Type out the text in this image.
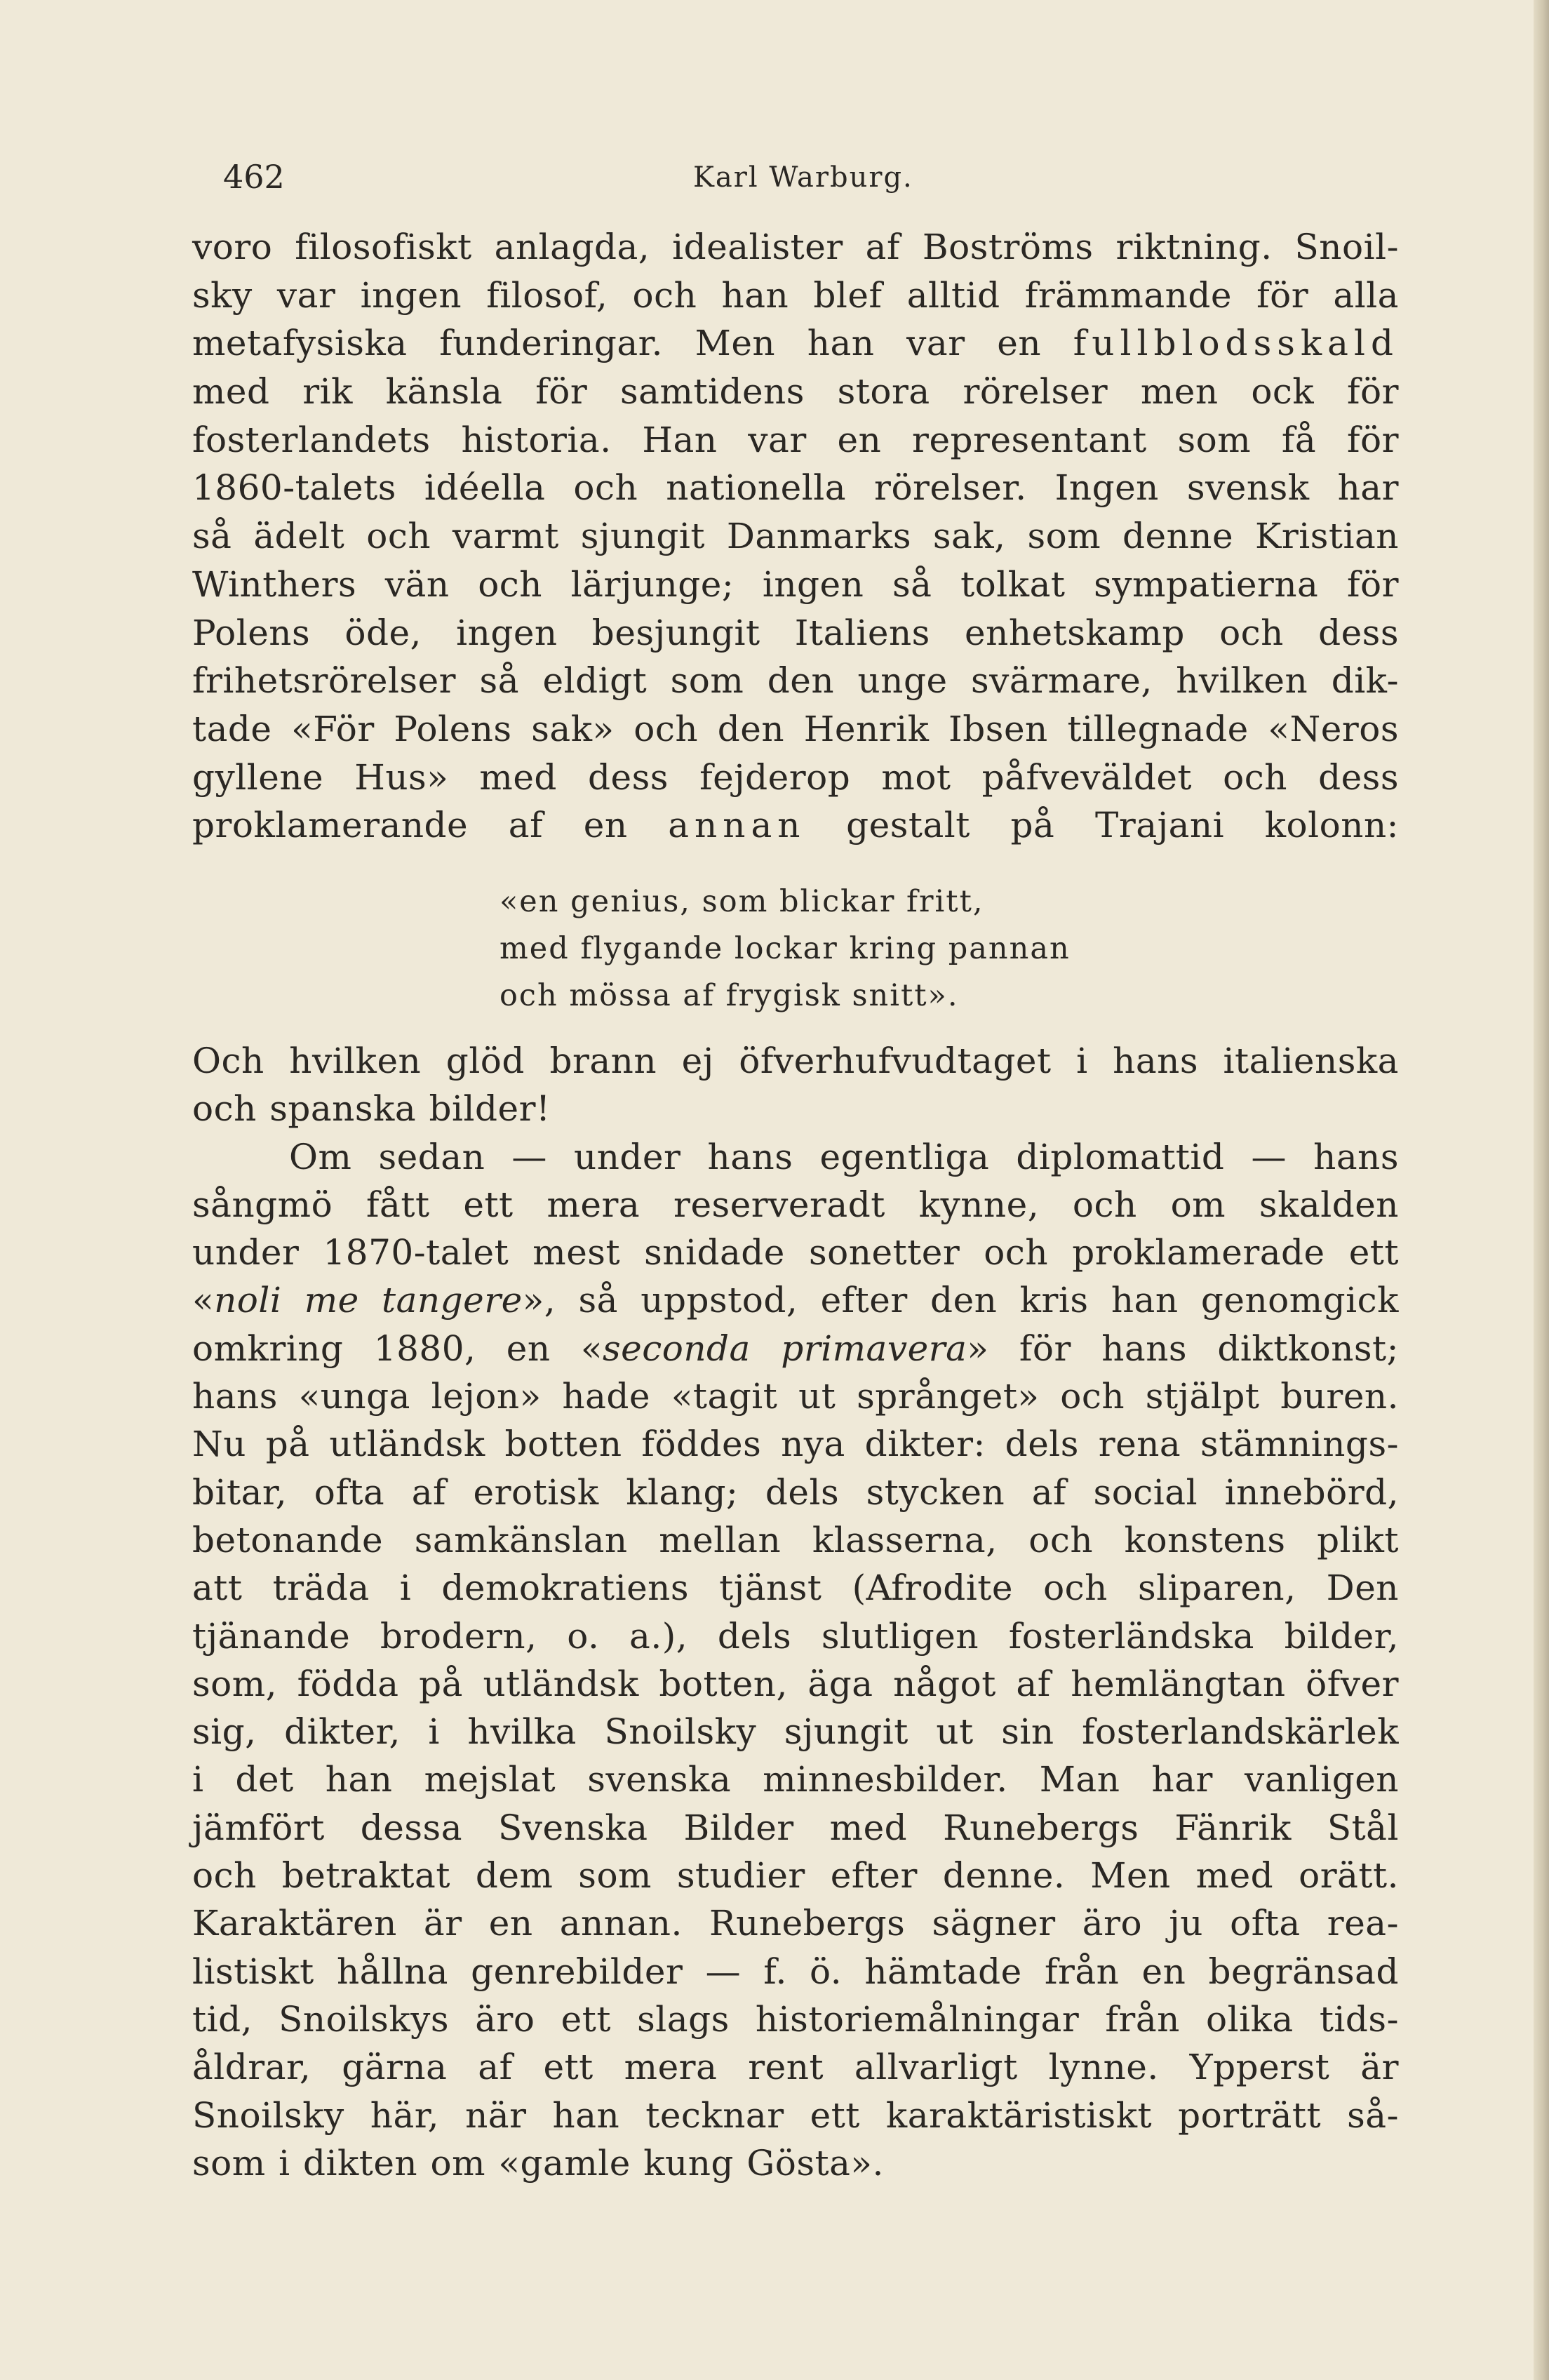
462	Karl Warburg.
voro filosofiskt anlagda, idealister af Boströms riktning. Snoil-
sky var ingen filosof, och han blef alltid främmande för alla
metafysiska funderingar. Men han var en fullblodsskald
med rik känsla för samtidens stora rörelser men ock för
fosterlandets historia. Han var en representant som få för
1860-talets idéella och nationella rörelser. Ingen svensk har
så ädelt och varmt sjungit Danmarks sak, som denne Kristian
Winthers vän och lärjunge; ingen så tolkat sympatierna för
Polens öde, ingen besjungit Italiens enhetskamp och dess
frihetsrörelser så eldigt som den unge svärmare, hvilken dik-
tade «För Polens sak» och den Henrik Ibsen tillegnade «Neros
gyllene Hus» med dess fejderop mot påfveväldet och dess
proklamerande af en annan gestalt på Trajani kolonn:
«en genius, som blickar fritt,
med flygande lockar kring pannan
och mössa af frygisk snitt».
Och hvilken glöd brann ej öfverhufvudtaget i hans italienska
och spanska bilder!
Om sedan — under hans egentliga diplomattid — hans
sångmö fått ett mera reserveradt kynne, och om skalden
under 1870-talet mest snidade sonetter och proklamerade ett
«noli me tangere», så uppstod, efter den kris han genomgick
omkring 1880, en «seconda primavera» för hans diktkonst;
hans «unga lejon» hade «tagit ut språnget» och stjälpt buren.
Nu på utländsk botten föddes nya dikter: dels rena stämnings-
bitar, ofta af erotisk klang; dels stycken af social innebörd,
betonande samkänslan mellan klasserna, och konstens plikt
att träda i demokratiens tjänst (Afrodite och sliparen, Den
tjänande brodern, o. a.), dels slutligen fosterländska bilder,
som, födda på utländsk botten, äga något af hemlängtan öfver
sig, dikter, i hvilka Snoilsky sjungit ut sin fosterlandskärlek
i det han mejslat svenska minnesbilder. Man har vanligen
jämfört dessa Svenska Bilder med Runebergs Fänrik Stål
och betraktat dem som studier efter denne. Men med orätt.
Karaktären är en annan. Runebergs sägner äro ju ofta rea-
listiskt hållna genrebilder — f. ö. hämtade från en begränsad
tid, Snoilskys äro ett slags historiemålningar från olika tids-
åldrar, gärna af ett mera rent allvarligt lynne. Ypperst är
Snoilsky här, när han tecknar ett karaktäristiskt porträtt så-
som i dikten om «gamle kung Gösta».
